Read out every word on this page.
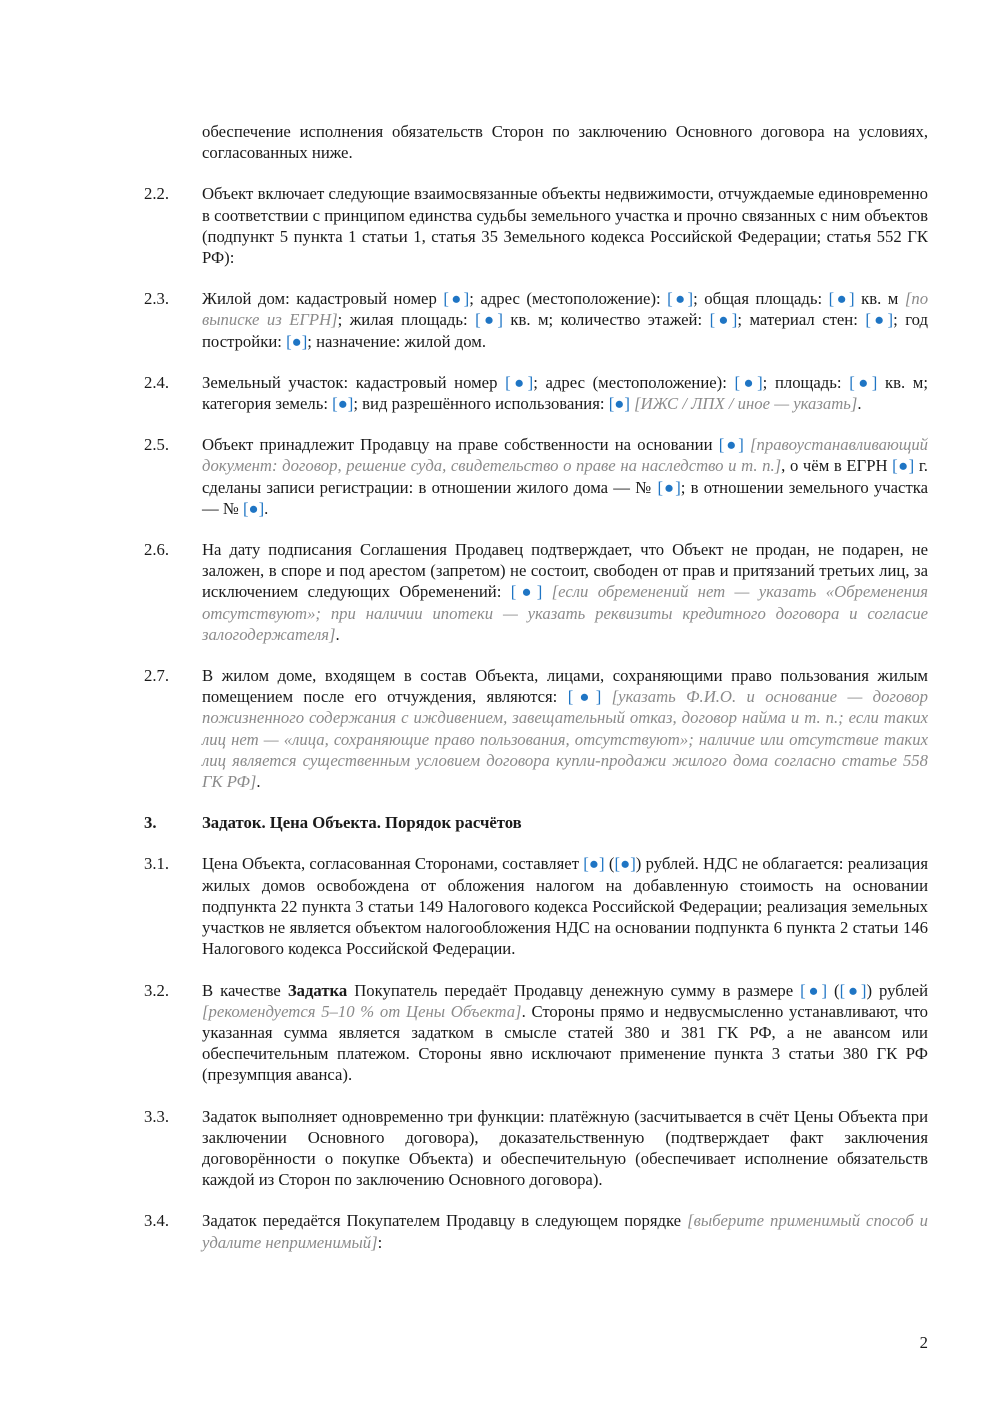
обеспечение исполнения обязательств Сторон по заключению Основного договора на условиях, согласованных ниже.
2.2.	Объект включает следующие взаимосвязанные объекты недвижимости, отчуждаемые единовременно в соответствии с принципом единства судьбы земельного участка и прочно связанных с ним объектов (подпункт 5 пункта 1 статьи 1, статья 35 Земельного кодекса Российской Федерации; статья 552 ГК РФ):
2.3.	Жилой дом: кадастровый номер [●]; адрес (местоположение): [●]; общая площадь: [●] кв. м [по выписке из ЕГРН]; жилая площадь: [●] кв. м; количество этажей: [●]; материал стен: [●]; год постройки: [●]; назначение: жилой дом.
2.4.	Земельный участок: кадастровый номер [●]; адрес (местоположение): [●]; площадь: [●] кв. м; категория земель: [●]; вид разрешённого использования: [●] [ИЖС / ЛПХ / иное — указать].
2.5.	Объект принадлежит Продавцу на праве собственности на основании [●] [правоустанавливающий документ: договор, решение суда, свидетельство о праве на наследство и т. п.], о чём в ЕГРН [●] г. сделаны записи регистрации: в отношении жилого дома — № [●]; в отношении земельного участка — № [●].
2.6.	На дату подписания Соглашения Продавец подтверждает, что Объект не продан, не подарен, не заложен, в споре и под арестом (запретом) не состоит, свободен от прав и притязаний третьих лиц, за исключением следующих Обременений: [●] [если обременений нет — указать «Обременения отсутствуют»; при наличии ипотеки — указать реквизиты кредитного договора и согласие залогодержателя].
2.7.	В жилом доме, входящем в состав Объекта, лицами, сохраняющими право пользования жилым помещением после его отчуждения, являются: [●] [указать Ф.И.О. и основание — договор пожизненного содержания с иждивением, завещательный отказ, договор найма и т. п.; если таких лиц нет — «лица, сохраняющие право пользования, отсутствуют»; наличие или отсутствие таких лиц является существенным условием договора купли-продажи жилого дома согласно статье 558 ГК РФ].
3.	Задаток. Цена Объекта. Порядок расчётов
3.1.	Цена Объекта, согласованная Сторонами, составляет [●] ([●]) рублей. НДС не облагается: реализация жилых домов освобождена от обложения налогом на добавленную стоимость на основании подпункта 22 пункта 3 статьи 149 Налогового кодекса Российской Федерации; реализация земельных участков не является объектом налогообложения НДС на основании подпункта 6 пункта 2 статьи 146 Налогового кодекса Российской Федерации.
3.2.	В качестве Задатка Покупатель передаёт Продавцу денежную сумму в размере [●] ([●]) рублей [рекомендуется 5–10 % от Цены Объекта]. Стороны прямо и недвусмысленно устанавливают, что указанная сумма является задатком в смысле статей 380 и 381 ГК РФ, а не авансом или обеспечительным платежом. Стороны явно исключают применение пункта 3 статьи 380 ГК РФ (презумпция аванса).
3.3.	Задаток выполняет одновременно три функции: платёжную (засчитывается в счёт Цены Объекта при заключении Основного договора), доказательственную (подтверждает факт заключения договорённости о покупке Объекта) и обеспечительную (обеспечивает исполнение обязательств каждой из Сторон по заключению Основного договора).
3.4.	Задаток передаётся Покупателем Продавцу в следующем порядке [выберите применимый способ и удалите неприменимый]:
2
